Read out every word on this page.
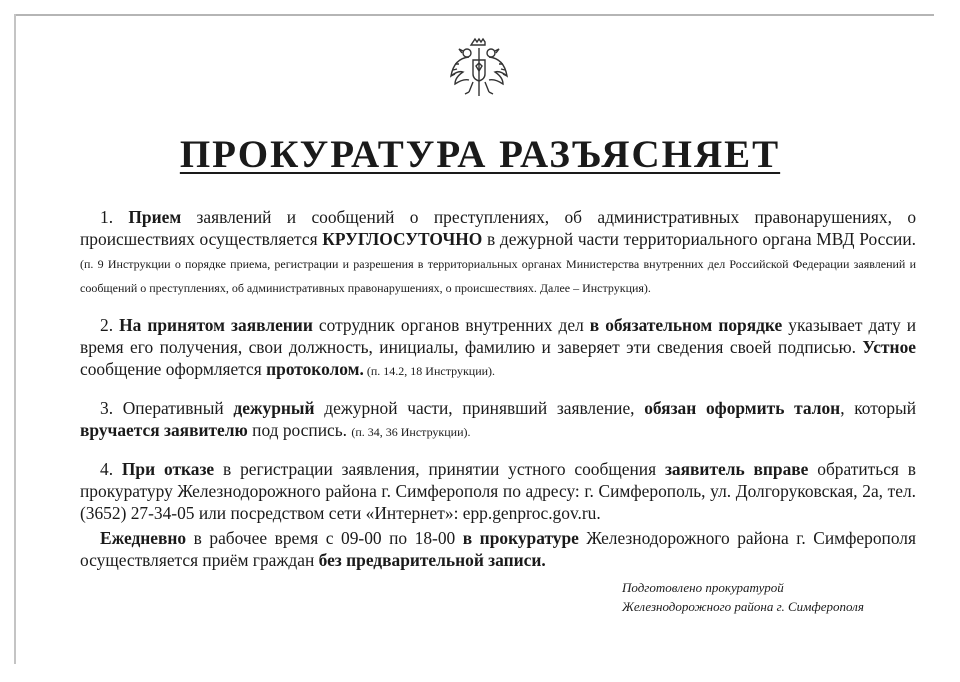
ПРОКУРАТУРА РАЗЪЯСНЯЕТ

1. Прием заявлений и сообщений о преступлениях, об административных правонарушениях, о происшествиях осуществляется КРУГЛОСУТОЧНО в дежурной части территориального органа МВД России. (п. 9 Инструкции о порядке приема, регистрации и разрешения в территориальных органах Министерства внутренних дел Российской Федерации заявлений и сообщений о преступлениях, об административных правонарушениях, о происшествиях. Далее – Инструкция).

2. На принятом заявлении сотрудник органов внутренних дел в обязательном порядке указывает дату и время его получения, свои должность, инициалы, фамилию и заверяет эти сведения своей подписью. Устное сообщение оформляется протоколом. (п. 14.2, 18 Инструкции).

3. Оперативный дежурный дежурной части, принявший заявление, обязан оформить талон, который вручается заявителю под роспись. (п. 34, 36 Инструкции).

4. При отказе в регистрации заявления, принятии устного сообщения заявитель вправе обратиться в прокуратуру Железнодорожного района г. Симферополя по адресу: г. Симферополь, ул. Долгоруковская, 2а, тел. (3652) 27-34-05 или посредством сети «Интернет»: epp.genproc.gov.ru.

Ежедневно в рабочее время с 09-00 по 18-00 в прокуратуре Железнодорожного района г. Симферополя осуществляется приём граждан без предварительной записи.

Подготовлено прокуратурой
Железнодорожного района г. Симферополя
